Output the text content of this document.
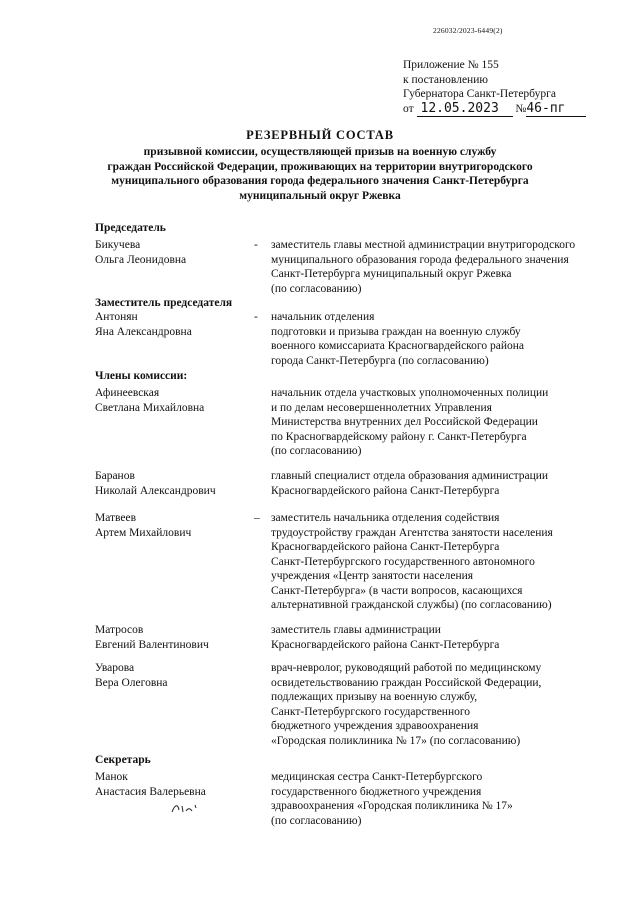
226032/2023-6449(2)
Приложение № 155
к постановлению
Губернатора Санкт-Петербурга
от 12.05.2023 №46-пг
РЕЗЕРВНЫЙ СОСТАВ
призывной комиссии, осуществляющей призыв на военную службу
граждан Российской Федерации, проживающих на территории внутригородского
муниципального образования города федерального значения Санкт-Петербурга
муниципальный округ Ржевка
Председатель
Бикучева
Ольга Леонидовна
- заместитель главы местной администрации внутригородского
муниципального образования города федерального значения
Санкт-Петербурга муниципальный округ Ржевка
(по согласованию)
Заместитель председателя
Антонян
Яна Александровна
- начальник отделения
подготовки и призыва граждан на военную службу
военного комиссариата Красногвардейского района
города Санкт-Петербурга (по согласованию)
Члены комиссии:
Афинеевская
Светлана Михайловна
начальник отдела участковых уполномоченных полиции
и по делам несовершеннолетних Управления
Министерства внутренних дел Российской Федерации
по Красногвардейскому району г. Санкт-Петербурга
(по согласованию)
Баранов
Николай Александрович
главный специалист отдела образования администрации
Красногвардейского района Санкт-Петербурга
Матвеев
Артем Михайлович
– заместитель начальника отделения содействия
трудоустройству граждан Агентства занятости населения
Красногвардейского района Санкт-Петербурга
Санкт-Петербургского государственного автономного
учреждения «Центр занятости населения
Санкт-Петербурга» (в части вопросов, касающихся
альтернативной гражданской службы) (по согласованию)
Матросов
Евгений Валентинович
заместитель главы администрации
Красногвардейского района Санкт-Петербурга
Уварова
Вера Олеговна
врач-невролог, руководящий работой по медицинскому
освидетельствованию граждан Российской Федерации,
подлежащих призыву на военную службу,
Санкт-Петербургского государственного
бюджетного учреждения здравоохранения
«Городская поликлиника № 17» (по согласованию)
Секретарь
Манок
Анастасия Валерьевна
медицинская сестра Санкт-Петербургского
государственного бюджетного учреждения
здравоохранения «Городская поликлиника № 17»
(по согласованию)
